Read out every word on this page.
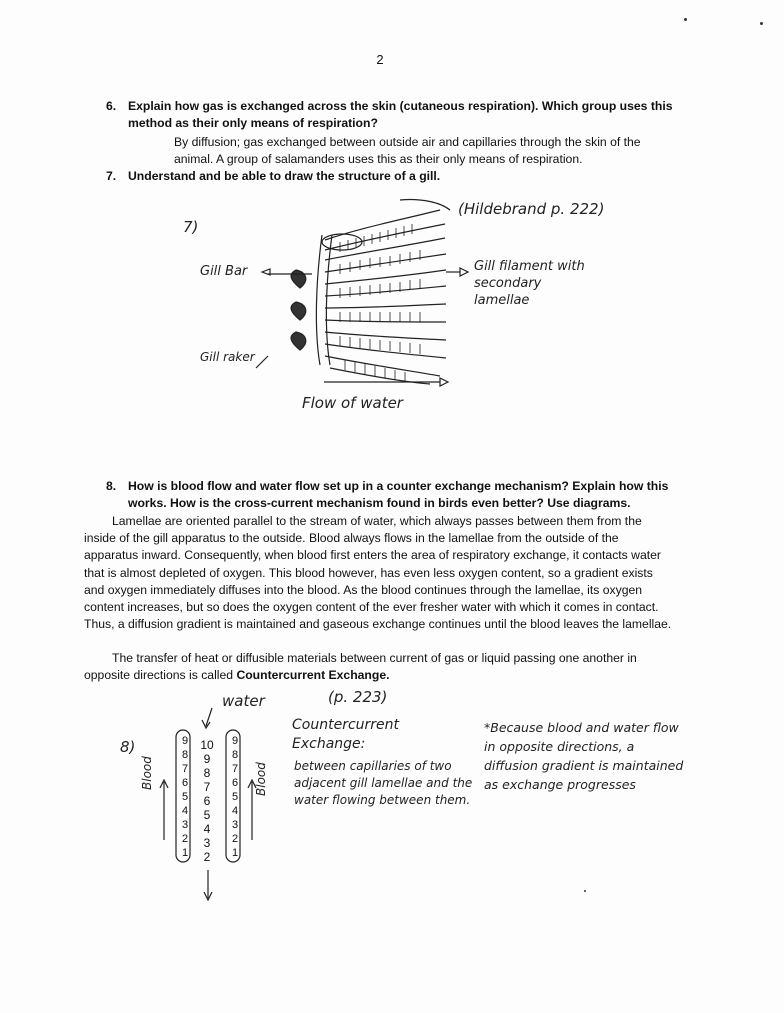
2
6. Explain how gas is exchanged across the skin (cutaneous respiration). Which group uses this method as their only means of respiration?
By diffusion; gas exchanged between outside air and capillaries through the skin of the animal. A group of salamanders uses this as their only means of respiration.
7. Understand and be able to draw the structure of a gill.
7)
(Hildebrand p. 222)
Gill Bar
Gill raker
Gill filament with secondary lamellae
Flow of water
8. How is blood flow and water flow set up in a counter exchange mechanism? Explain how this works. How is the cross-current mechanism found in birds even better? Use diagrams.
Lamellae are oriented parallel to the stream of water, which always passes between them from the inside of the gill apparatus to the outside. Blood always flows in the lamellae from the outside of the apparatus inward. Consequently, when blood first enters the area of respiratory exchange, it contacts water that is almost depleted of oxygen. This blood however, has even less oxygen content, so a gradient exists and oxygen immediately diffuses into the blood. As the blood continues through the lamellae, its oxygen content increases, but so does the oxygen content of the ever fresher water with which it comes in contact. Thus, a diffusion gradient is maintained and gaseous exchange continues until the blood leaves the lamellae.
The transfer of heat or diffusible materials between current of gas or liquid passing one another in opposite directions is called Countercurrent Exchange.
8)
water	(p. 223)
Blood	Blood
9
8
7
6
5
4
3
2
1
10
9
8
7
6
5
4
3
2
9
8
7
6
5
4
3
2
1
Countercurrent Exchange:
between capillaries of two adjacent gill lamellae and the water flowing between them.
*Because blood and water flow in opposite directions, a diffusion gradient is maintained as exchange progresses
